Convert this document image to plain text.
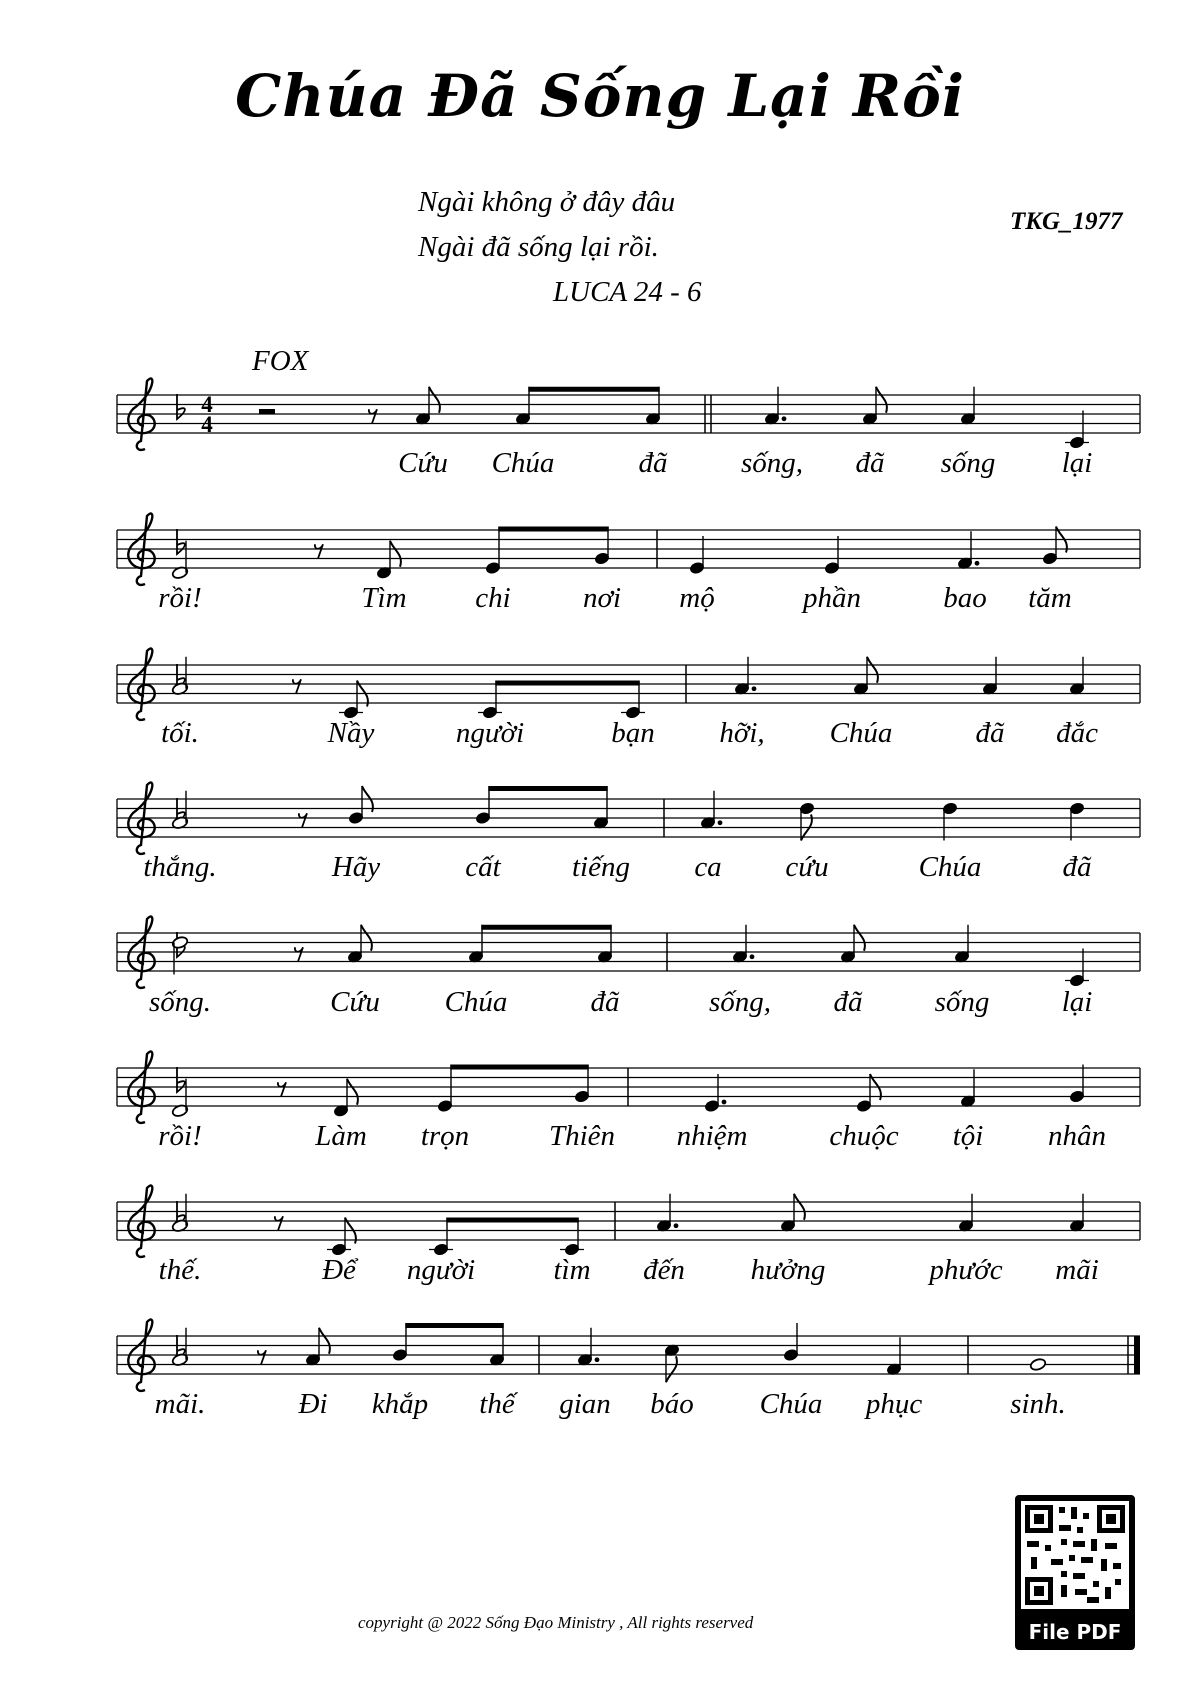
Chúa Đã Sống Lại Rồi
Ngài không ở đây đâu
Ngài đã sống lại rồi.
LUCA 24 - 6
TKG_1977
FOX
4
4
Cứu Chúa	đã	sống, đã sống lại
rồi!	Tìm chi nơi mộ	phần	bao tăm
tối.	Nầy	người	bạn hỡi, Chúa	đã đắc
thắng.	Hãy	cất tiếng ca cứu	Chúa	đã
sống.	Cứu Chúa	đã	sống, đã sống lại
rồi!	Làm trọn	Thiên nhiệm	chuộc tội nhân
thế.	Để người	tìm đến hưởng	phước mãi
mãi.	Đi khắp thế gian báo Chúa phục	sinh.
copyright @ 2022 Sống Đạo Ministry , All rights reserved	File PDF
